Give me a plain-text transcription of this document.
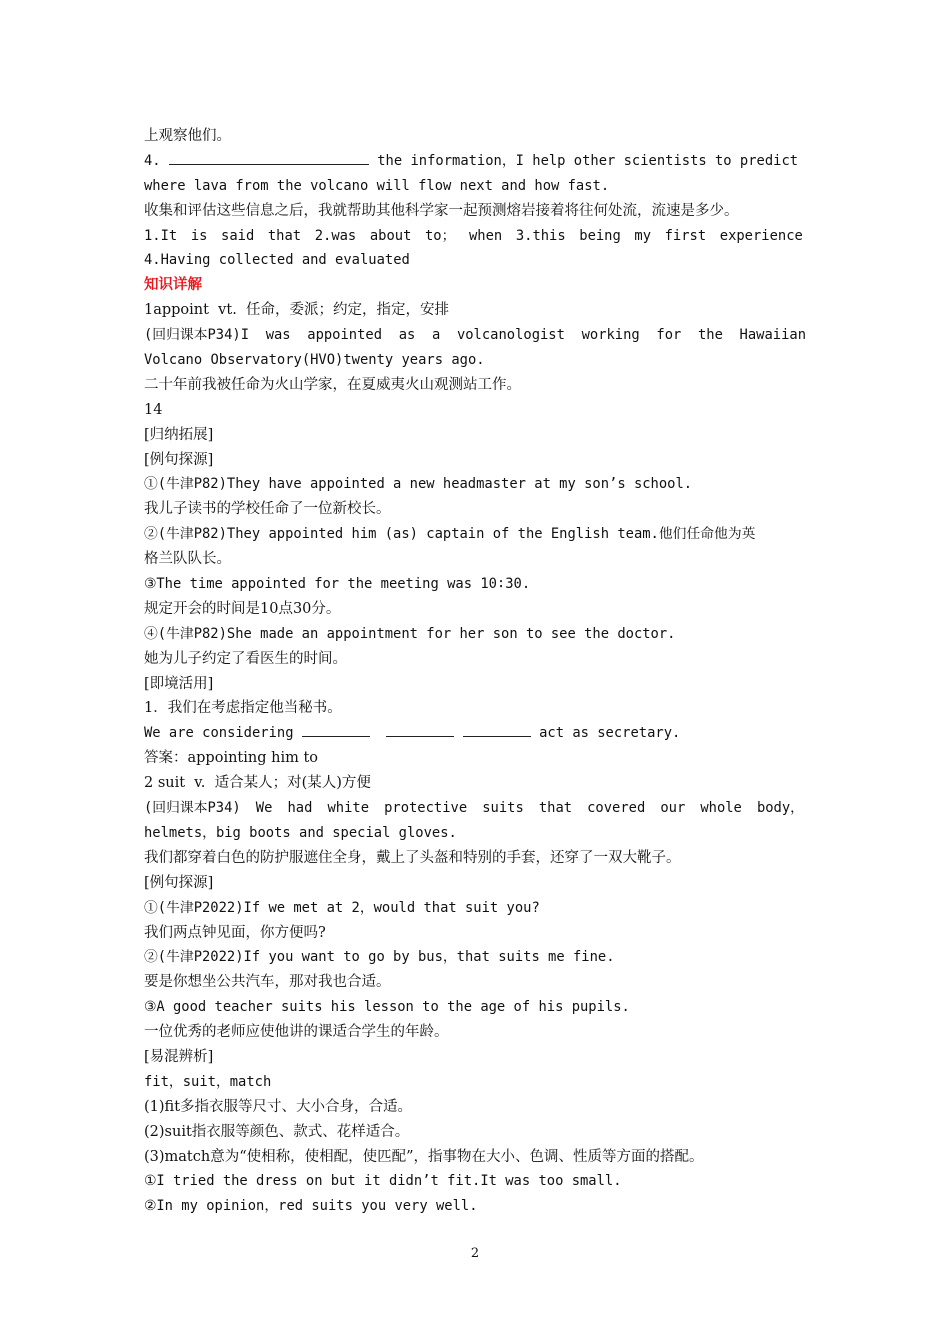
上观察他们。
4.	the information，I help other scientists to predict
where lava from the volcano will flow next and how fast.
收集和评估这些信息之后，我就帮助其他科学家一起预测熔岩接着将往何处流，流速是多少。
1.It is said that 2.was about to； when 3.this being my first experience
4.Having collected and evaluated
知识详解
1appoint  vt.  任命，委派；约定，指定，安排
(回归课本P34)I was appointed as a volcanologist working for the Hawaiian
Volcano Observatory(HVO)twenty years ago.
二十年前我被任命为火山学家，在夏威夷火山观测站工作。
14
[归纳拓展]
[例句探源]
①(牛津P82)They have appointed a new headmaster at my son’s school.
我儿子读书的学校任命了一位新校长。
②(牛津P82)They appointed him (as) captain of the English team.他们任命他为英
格兰队队长。
③The time appointed for the meeting was 10∶30.
规定开会的时间是10点30分。
④(牛津P82)She made an appointment for her son to see the doctor.
她为儿子约定了看医生的时间。
[即境活用]
1．我们在考虑指定他当秘书。
We are considering	act as secretary.
答案：appointing him to
2 suit  v.  适合某人；对(某人)方便
(回归课本P34) We had white protective suits that covered our whole body，
helmets，big boots and special gloves.
我们都穿着白色的防护服遮住全身，戴上了头盔和特别的手套，还穿了一双大靴子。
[例句探源]
①(牛津P2022)If we met at 2，would that suit you?
我们两点钟见面，你方便吗?
②(牛津P2022)If you want to go by bus，that suits me fine.
要是你想坐公共汽车，那对我也合适。
③A good teacher suits his lesson to the age of his pupils.
一位优秀的老师应使他讲的课适合学生的年龄。
[易混辨析]
fit，suit，match
(1)fit多指衣服等尺寸、大小合身，合适。
(2)suit指衣服等颜色、款式、花样适合。
(3)match意为“使相称，使相配，使匹配”，指事物在大小、色调、性质等方面的搭配。
①I tried the dress on but it didn’t fit.It was too small.
②In my opinion，red suits you very well.
2
